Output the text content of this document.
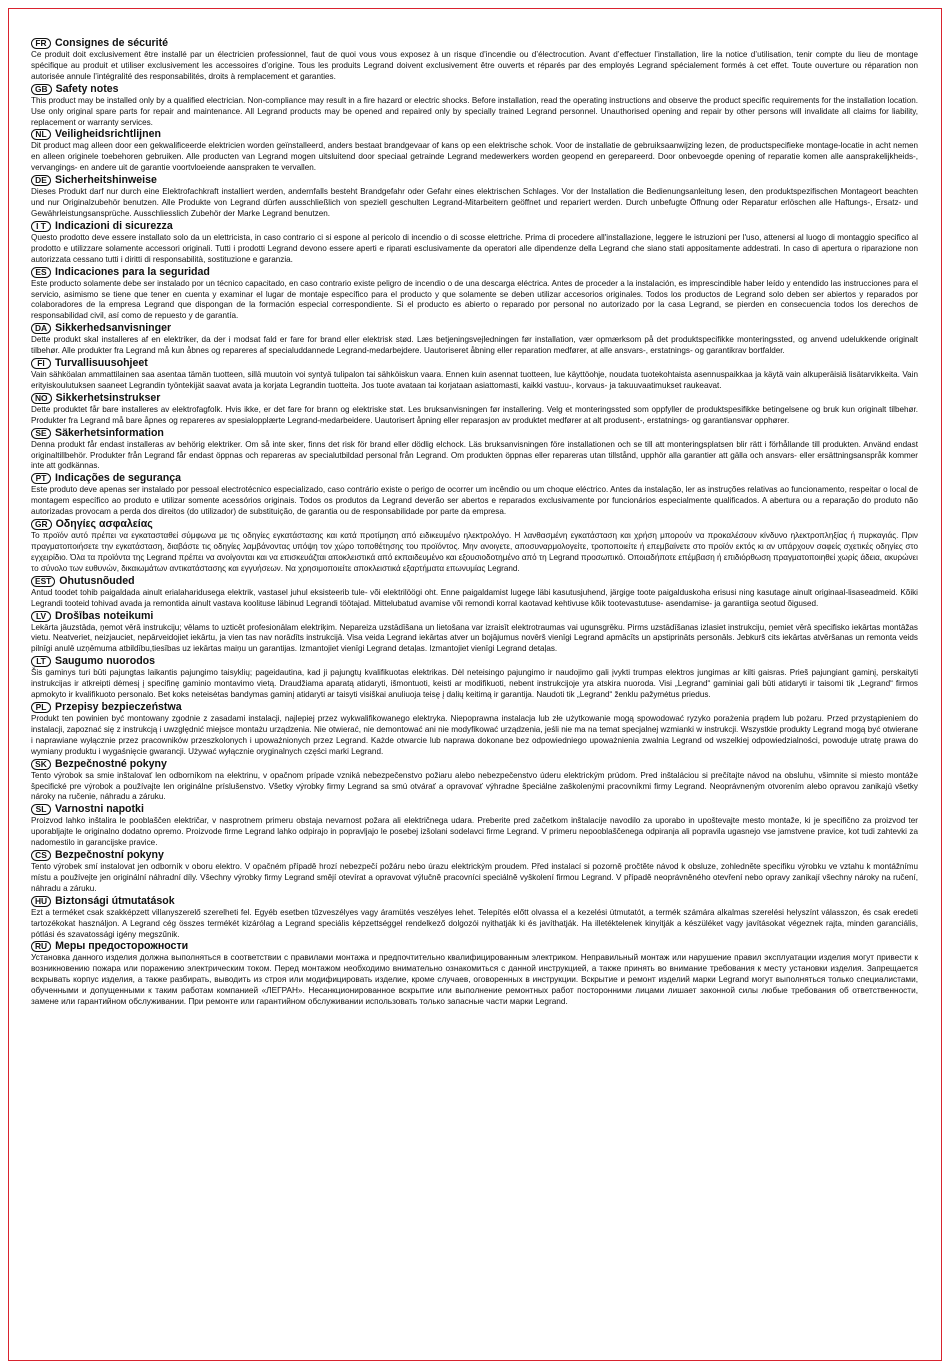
FR Consignes de sécurité

Ce produit doit exclusivement être installé par un électricien professionnel, faut de quoi vous vous exposez à un risque d’incendie ou d’électrocution. Avant d’effectuer l’installation, lire la notice d’utilisation, tenir compte du lieu de montage spécifique au produit et utiliser exclusivement les accessoires d’origine. Tous les produits Legrand doivent exclusivement être ouverts et réparés par des employés Legrand spécialement formés à cet effet. Toute ouverture ou réparation non autorisée annule l’intégralité des responsabilités, droits à remplacement et garanties.

GB Safety notes

This product may be installed only by a qualified electrician. Non-compliance may result in a fire hazard or electric shocks. Before installation, read the operating instructions and observe the product specific requirements for the installation location. Use only original spare parts for repair and maintenance. All Legrand products may be opened and repaired only by specially trained Legrand personnel. Unauthorised opening and repair by other persons will invalidate all claims for liability, replacement or warranty services.

NL Veiligheidsrichtlijnen

Dit product mag alleen door een gekwalificeerde elektricien worden geïnstalleerd, anders bestaat brandgevaar of kans op een elektrische schok. Voor de installatie de gebruiksaanwijzing lezen, de productspecifieke montage-locatie in acht nemen en alleen originele toebehoren gebruiken. Alle producten van Legrand mogen uitsluitend door speciaal getrainde Legrand medewerkers worden geopend en gerepareerd. Door onbevoegde opening of reparatie komen alle aansprakelijkheids-, vervangings- en andere uit de garantie voortvloeiende aanspraken te vervallen.

DE Sicherheitshinweise

Dieses Produkt darf nur durch eine Elektrofachkraft installiert werden, andernfalls besteht Brandgefahr oder Gefahr eines elektrischen Schlages. Vor der Installation die Bedienungsanleitung lesen, den produktspezifischen Montageort beachten und nur Originalzubehör benutzen. Alle Produkte von Legrand dürfen ausschließlich von speziell geschulten Legrand-Mitarbeitern geöffnet und repariert werden. Durch unbefugte Öffnung oder Reparatur erlöschen alle Haftungs-, Ersatz- und Gewährleistungsansprüche. Ausschliesslich Zubehör der Marke Legrand benutzen.

I T Indicazioni di sicurezza

Questo prodotto deve essere installato solo da un elettricista, in caso contrario ci si espone al pericolo di incendio o di scosse elettriche. Prima di procedere all'installazione, leggere le istruzioni per l'uso, attenersi al luogo di montaggio specifico al prodotto e utilizzare solamente accessori originali. Tutti i prodotti Legrand devono essere aperti e riparati esclusivamente da operatori alle dipendenze della Legrand che siano stati appositamente addestrati. In caso di apertura o riparazione non autorizzata cessano tutti i diritti di responsabilità, sostituzione e garanzia.

ES Indicaciones para la seguridad

Este producto solamente debe ser instalado por un técnico capacitado, en caso contrario existe peligro de incendio o de una descarga eléctrica. Antes de proceder a la instalación, es imprescindible haber leído y entendido las instrucciones para el servicio, asimismo se tiene que tener en cuenta y examinar el lugar de montaje específico para el producto y que solamente se deben utilizar accesorios originales. Todos los productos de Legrand solo deben ser abiertos y reparados por colaboradores de la empresa Legrand que dispongan de la formación especial correspondiente. Si el producto es abierto o reparado por personal no autorizado por la casa Legrand, se pierden en consecuencia todos los derechos de responsabilidad civil, así como de repuesto y de garantía.

DA Sikkerhedsanvisninger

Dette produkt skal installeres af en elektriker, da der i modsat fald er fare for brand eller elektrisk stød. Læs betjeningsvejledningen før installation, vær opmærksom på det produktspecifikke monteringssted, og anvend udelukkende originalt tilbehør. Alle produkter fra Legrand må kun åbnes og repareres af specialuddannede Legrand-medarbejdere. Uautoriseret åbning eller reparation medfører, at alle ansvars-, erstatnings- og garantikrav bortfalder.

FI Turvallisuusohjeet

Vain sähköalan ammattilainen saa asentaa tämän tuotteen, sillä muutoin voi syntyä tulipalon tai sähköiskun vaara. Ennen kuin asennat tuotteen, lue käyttöohje, noudata tuotekohtaista asennuspaikkaa ja käytä vain alkuperäisiä lisätarvikkeita. Vain erityiskoulutuksen saaneet Legrandin työntekijät saavat avata ja korjata Legrandin tuotteita. Jos tuote avataan tai korjataan asiattomasti, kaikki vastuu-, korvaus- ja takuuvaatimukset raukeavat.

NO Sikkerhetsinstrukser

Dette produktet får bare installeres av elektrofagfolk. Hvis ikke, er det fare for brann og elektriske støt. Les bruksanvisningen før installering. Velg et monteringssted som oppfyller de produktspesifikke betingelsene og bruk kun originalt tilbehør. Produkter fra Legrand må bare åpnes og repareres av spesialopplærte Legrand-medarbeidere. Uautorisert åpning eller reparasjon av produktet medfører at alt produsent-, erstatnings- og garantiansvar opphører.

SE Säkerhetsinformation

Denna produkt får endast installeras av behörig elektriker. Om så inte sker, finns det risk för brand eller dödlig elchock. Läs bruksanvisningen före installationen och se till att monteringsplatsen blir rätt i förhållande till produkten. Använd endast originaltillbehör. Produkter från Legrand får endast öppnas och repareras av specialutbildad personal från Legrand. Om produkten öppnas eller repareras utan tillstånd, upphör alla garantier att gälla och ansvars- eller ersättningsanspråk kommer inte att godkännas.

PT Indicações de segurança

Este produto deve apenas ser instalado por pessoal electrotécnico especializado, caso contrário existe o perigo de ocorrer um incêndio ou um choque eléctrico. Antes da instalação, ler as instruções relativas ao funcionamento, respeitar o local de montagem específico ao produto e utilizar somente acessórios originais. Todos os produtos da Legrand deverão ser abertos e reparados exclusivamente por funcionários especialmente qualificados. A abertura ou a reparação do produto não autorizadas provocam a perda dos direitos (do utilizador) de substituição, de garantia ou de responsabilidade por parte da empresa.

GR Οδηγίες ασφαλείας

Το προϊόν αυτό πρέπει να εγκατασταθεί σύμφωνα με τις οδηγίες εγκατάστασης και κατά προτίμηση από ειδικευμένο ηλεκτρολόγο. Η λανθασμένη εγκατάσταση και χρήση μπορούν να προκαλέσουν κίνδυνο ηλεκτροπληξίας ή πυρκαγιάς. Πριν πραγματοποιήσετε την εγκατάσταση, διαβάστε τις οδηγίες λαμβάνοντας υπόψη τον χώρο τοποθέτησης του προϊόντος. Μην ανοιγετε, αποσυναρμολογείτε, τροποποιείτε ή επεμβαίνετε στο προϊόν εκτός κι αν υπάρχουν σαφείς σχετικές οδηγίες στο εγχειρίδιο. Όλα τα προϊόντα της Legrand πρέπει να ανοίγονται και να επισκευάζται αποκλειστικά από εκπαιδευμένο και εξουσιοδοτημένο από τη Legrand προσωπικό. Οποιαδήποτε επέμβαση ή επιδιόρθωση πραγματοποιηθεί χωρίς άδεια, ακυρώνει το σύνολο των ευθυνών, δικαιωμάτων αντικατάστασης και εγγυήσεων. Να χρησιμοποιείτε αποκλειστικά εξαρτήματα επωνυμίας Legrand.

EST Ohutusnõuded

Antud toodet tohib paigaldada ainult erialaharidusega elektrik, vastasel juhul eksisteerib tule- või elektrilöögi oht. Enne paigaldamist lugege läbi kasutusjuhend, järgige toote paigalduskoha erisusi ning kasutage ainult originaal-lisaseadmeid. Kõiki Legrandi tooteid tohivad avada ja remontida ainult vastava koolituse läbinud Legrandi töötajad. Mittelubatud avamise või remondi korral kaotavad kehtivuse kõik tootevastutuse- asendamise- ja garantiiga seotud õigused.

LV Drošības noteikumi

Lekārta jāuzstāda, ņemot vērā instrukciju; vēlams to uzticēt profesionālam elektriķim. Nepareiza uzstādīšana un lietošana var izraisīt elektrotraumas vai ugunsgrēku. Pirms uzstādīšanas izlasiet instrukciju, ņemiet vērā specifisko iekārtas montāžas vietu. Neatveriet, neizjauciet, nepārveidojiet iekārtu, ja vien tas nav norādīts instrukcijā. Visa veida Legrand iekārtas atver un bojājumus novērš vienīgi Legrand apmācīts un apstiprināts personāls. Jebkurš cits iekārtas atvēršanas un remonta veids pilnīgi anulē uzņēmuma atbildību,tiesības uz iekārtas maiņu un garantijas. Izmantojiet vienīgi Legrand detaļas. Izmantojiet vienīgi Legrand detaļas.

LT Saugumo nuorodos

Šis gaminys turi būti pajungtas laikantis pajungimo taisyklių; pageidautina, kad ji pajungtų kvalifikuotas elektrikas. Dėl neteisingo pajungimo ir naudojimo gali įvykti trumpas elektros jungimas ar kilti gaisras. Prieš pajungiant gaminį, perskaityti instrukcijas ir atkreipti dėmesį į specifinę gaminio montavimo vietą. Draudžiama aparatą atidaryti, išmontuoti, keisti ar modifikuoti, nebent instrukcijoje yra atskira nuoroda. Visi „Legrand“ gaminiai gali būti atidaryti ir taisomi tik „Legrand“ firmos apmokyto ir kvalifikuoto personalo. Bet koks neteisėtas bandymas gaminį atidaryti ar taisyti visiškai anuliuoja teisę į dalių keitimą ir garantija. Naudoti tik „Legrand“ ženklu pažymėtus priedus.

PL Przepisy bezpieczeństwa

Produkt ten powinien być montowany zgodnie z zasadami instalacji, najlepiej przez wykwalifikowanego elektryka. Niepoprawna instalacja lub złe użytkowanie mogą spowodować ryzyko porażenia prądem lub pożaru. Przed przystąpieniem do instalacji, zapoznać się z instrukcją i uwzględnić miejsce montażu urządzenia. Nie otwierać, nie demontować ani nie modyfikować urządzenia, jeśli nie ma na temat specjalnej wzmianki w instrukcji. Wszystkie produkty Legrand mogą być otwierane i naprawiane wyłącznie przez pracowników przeszkolonych i upoważnionych przez Legrand. Każde otwarcie lub naprawa dokonane bez odpowiedniego upoważnienia zwalnia Legrand od wszelkiej odpowiedzialności, powoduje utratę prawa do wymiany produktu i wygaśnięcie gwarancji. Używać wyłącznie oryginalnych części marki Legrand.

SK Bezpečnostné pokyny

Tento výrobok sa smie inštalovať len odborníkom na elektrinu, v opačnom prípade vzniká nebezpečenstvo požiaru alebo nebezpečenstvo úderu elektrickým prúdom. Pred inštaláciou si prečítajte návod na obsluhu, všimnite si miesto montáže špecifické pre výrobok a používajte len originálne príslušenstvo. Všetky výrobky firmy Legrand sa smú otvárať a opravovať výhradne špeciálne zaškolenými pracovníkmi firmy Legrand. Neoprávneným otvorením alebo opravou zanikajú všetky nároky na ručenie, náhradu a záruku.

SL Varnostni napotki

Proizvod lahko inštalira le pooblaščen električar, v nasprotnem primeru obstaja nevarnost požara ali električnega udara. Preberite pred začetkom inštalacije navodilo za uporabo in upoštevajte mesto montaže, ki je specifično za proizvod ter uporabljajte le originalno dodatno opremo. Proizvode firme Legrand lahko odpirajo in popravljajo le posebej izšolani sodelavci firme Legrand. V primeru nepooblaščenega odpiranja ali popravila ugasnejo vse jamstvene pravice, kot tudi zahtevki za nadomestilo in garancijske pravice.

CS Bezpečnostní pokyny

Tento výrobek smí instalovat jen odborník v oboru elektro. V opačném případě hrozí nebezpečí požáru nebo úrazu elektrickým proudem. Před instalací si pozorně pročtěte návod k obsluze, zohledněte specifiku výrobku ve vztahu k montážnímu místu a používejte jen originální náhradní díly. Všechny výrobky firmy Legrand smějí otevírat a opravovat výlučně pracovníci speciálně vyškolení firmou Legrand. V případě neoprávněného otevření nebo opravy zanikají všechny nároky na ručení, náhradu a záruku.

HU Biztonsági útmutatások

Ezt a terméket csak szakképzett villanyszerelő szerelheti fel. Egyéb esetben tűzveszélyes vagy áramütés veszélyes lehet. Telepítés előtt olvassa el a kezelési útmutatót, a termék számára alkalmas szerelési helyszínt válasszon, és csak eredeti tartozékokat használjon. A Legrand cég összes termékét kizárólag a Legrand speciális képzettséggel rendelkező dolgozói nyithatják ki és javíthatják. Ha illetéktelenek kinyitják a készüléket vagy javításokat végeznek rajta, minden garanciális, pótlási és szavatossági igény megszűnik.

RU Меры предосторожности

Установка данного изделия должна выполняться в соответствии с правилами монтажа и предпочтительно квалифицированным электриком. Неправильный монтаж или нарушение правил эксплуатации изделия могут привести к возникновению пожара или поражению электрическим током. Перед монтажом необходимо внимательно ознакомиться с данной инструкцией, а также принять во внимание требования к месту установки изделия. Запрещается вскрывать корпус изделия, а также разбирать, выводить из строя или модифицировать изделие, кроме случаев, оговоренных в инструкции. Вскрытие и ремонт изделий марки Legrand могут выполняться только специалистами, обученными и допущенными к таким работам компанией «ЛЕГРАН». Несанкционированное вскрытие или выполнение ремонтных работ посторонними лицами лишает законной силы любые требования об ответственности, замене или гарантийном обслуживании. При ремонте или гарантийном обслуживании использовать только запасные части марки Legrand.
